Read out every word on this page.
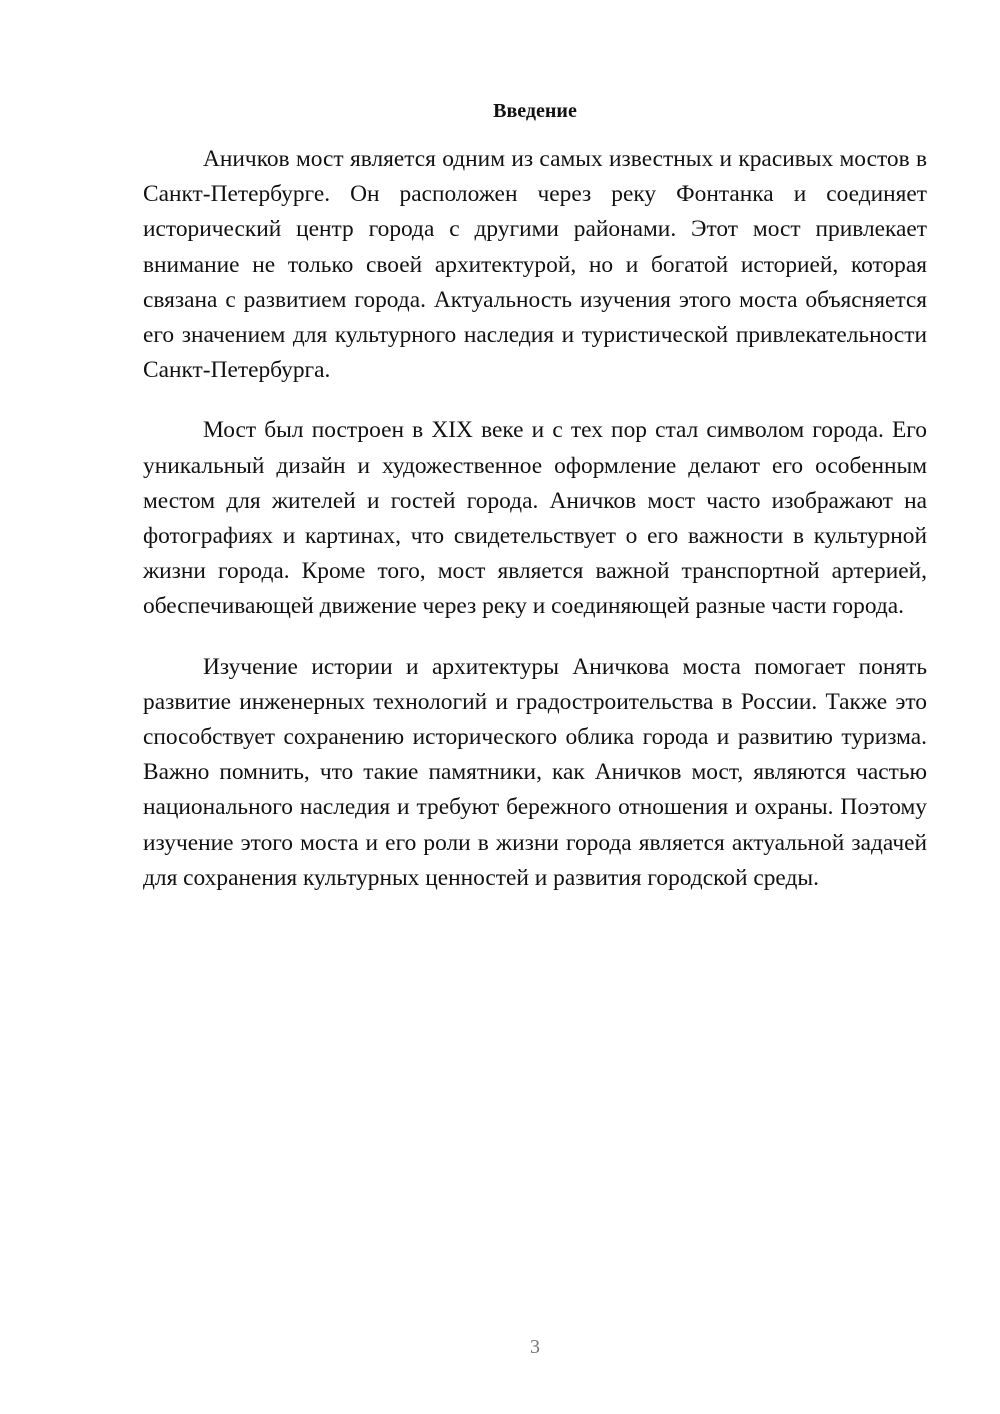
Введение

Аничков мост является одним из самых известных и красивых мостов в Санкт-Петербурге. Он расположен через реку Фонтанка и соединяет исторический центр города с другими районами. Этот мост привлекает внимание не только своей архитектурой, но и богатой историей, которая связана с развитием города. Актуальность изучения этого моста объясняется его значением для культурного наследия и туристической привлекательности Санкт-Петербурга.

Мост был построен в XIX веке и с тех пор стал символом города. Его уникальный дизайн и художественное оформление делают его особенным местом для жителей и гостей города. Аничков мост часто изображают на фотографиях и картинах, что свидетельствует о его важности в культурной жизни города. Кроме того, мост является важной транспортной артерией, обеспечивающей движение через реку и соединяющей разные части города.

Изучение истории и архитектуры Аничкова моста помогает понять развитие инженерных технологий и градостроительства в России. Также это способствует сохранению исторического облика города и развитию туризма. Важно помнить, что такие памятники, как Аничков мост, являются частью национального наследия и требуют бережного отношения и охраны. Поэтому изучение этого моста и его роли в жизни города является актуальной задачей для сохранения культурных ценностей и развития городской среды.

3
